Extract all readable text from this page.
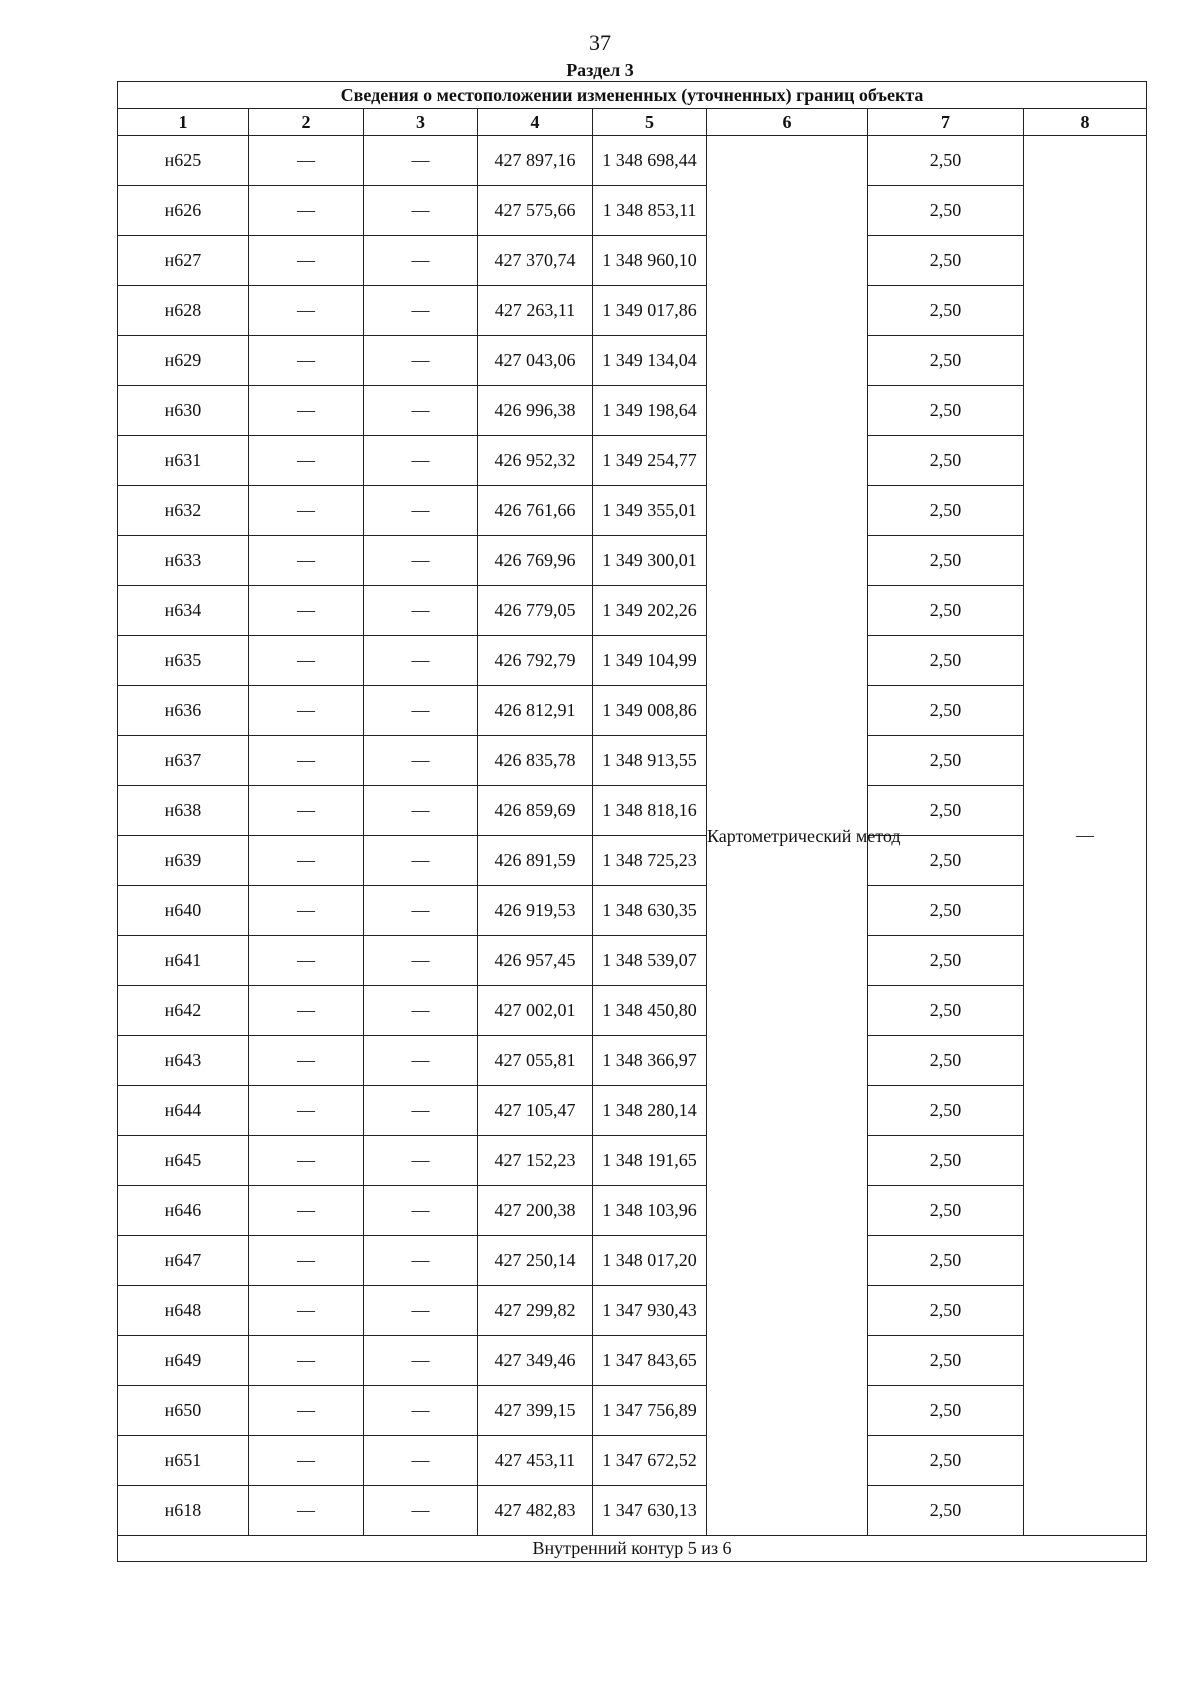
37
Раздел 3
Сведения о местоположении измененных (уточненных) границ объекта							
1	2	3	4	5	6	7	8
н625	—	—	427 897,16	1 348 698,44	Картометрический метод	2,50	—
н626	—	—	427 575,66	1 348 853,11		2,50	
н627	—	—	427 370,74	1 348 960,10		2,50	
н628	—	—	427 263,11	1 349 017,86		2,50	
н629	—	—	427 043,06	1 349 134,04		2,50	
н630	—	—	426 996,38	1 349 198,64		2,50	
н631	—	—	426 952,32	1 349 254,77		2,50	
н632	—	—	426 761,66	1 349 355,01		2,50	
н633	—	—	426 769,96	1 349 300,01		2,50	
н634	—	—	426 779,05	1 349 202,26		2,50	
н635	—	—	426 792,79	1 349 104,99		2,50	
н636	—	—	426 812,91	1 349 008,86		2,50	
н637	—	—	426 835,78	1 348 913,55		2,50	
н638	—	—	426 859,69	1 348 818,16		2,50	
н639	—	—	426 891,59	1 348 725,23		2,50	
н640	—	—	426 919,53	1 348 630,35		2,50	
н641	—	—	426 957,45	1 348 539,07		2,50	
н642	—	—	427 002,01	1 348 450,80		2,50	
н643	—	—	427 055,81	1 348 366,97		2,50	
н644	—	—	427 105,47	1 348 280,14		2,50	
н645	—	—	427 152,23	1 348 191,65		2,50	
н646	—	—	427 200,38	1 348 103,96		2,50	
н647	—	—	427 250,14	1 348 017,20		2,50	
н648	—	—	427 299,82	1 347 930,43		2,50	
н649	—	—	427 349,46	1 347 843,65		2,50	
н650	—	—	427 399,15	1 347 756,89		2,50	
н651	—	—	427 453,11	1 347 672,52		2,50	
н618	—	—	427 482,83	1 347 630,13		2,50	
Внутренний контур 5 из 6							
